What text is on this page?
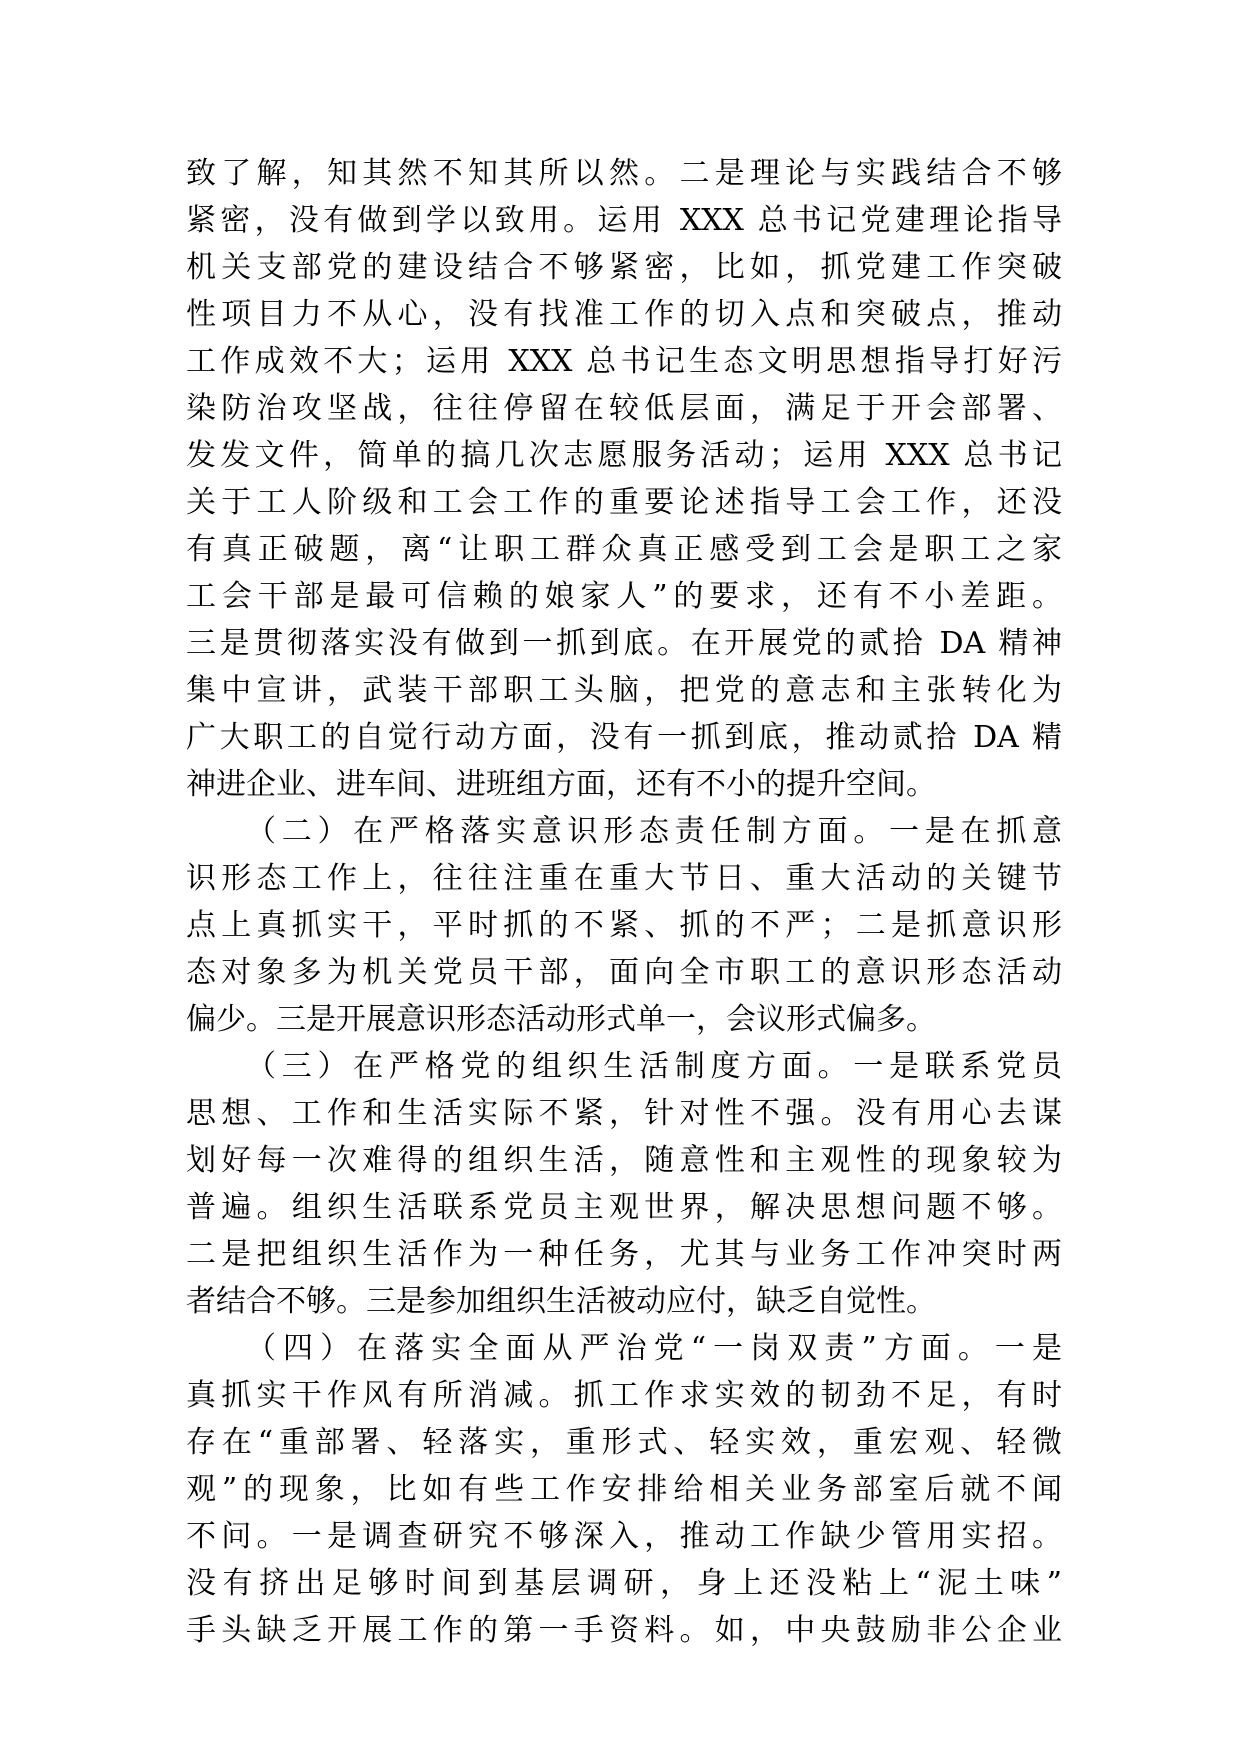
致了解，知其然不知其所以然。二是理论与实践结合不够
紧密，没有做到学以致用。运用 XXX 总书记党建理论指导
机关支部党的建设结合不够紧密，比如，抓党建工作突破
性项目力不从心，没有找准工作的切入点和突破点，推动
工作成效不大；运用 XXX 总书记生态文明思想指导打好污
染防治攻坚战，往往停留在较低层面，满足于开会部署、
发发文件，简单的搞几次志愿服务活动；运用 XXX 总书记
关于工人阶级和工会工作的重要论述指导工会工作，还没
有真正破题，离“让职工群众真正感受到工会是职工之家
工会干部是最可信赖的娘家人”的要求，还有不小差距。
三是贯彻落实没有做到一抓到底。在开展党的贰拾 DA 精神
集中宣讲，武装干部职工头脑，把党的意志和主张转化为
广大职工的自觉行动方面，没有一抓到底，推动贰拾 DA 精
神进企业、进车间、进班组方面，还有不小的提升空间。
（二）在严格落实意识形态责任制方面。一是在抓意
识形态工作上，往往注重在重大节日、重大活动的关键节
点上真抓实干，平时抓的不紧、抓的不严；二是抓意识形
态对象多为机关党员干部，面向全市职工的意识形态活动
偏少。三是开展意识形态活动形式单一，会议形式偏多。
（三）在严格党的组织生活制度方面。一是联系党员
思想、工作和生活实际不紧，针对性不强。没有用心去谋
划好每一次难得的组织生活，随意性和主观性的现象较为
普遍。组织生活联系党员主观世界，解决思想问题不够。
二是把组织生活作为一种任务，尤其与业务工作冲突时两
者结合不够。三是参加组织生活被动应付，缺乏自觉性。
（四）在落实全面从严治党“一岗双责”方面。一是
真抓实干作风有所消减。抓工作求实效的韧劲不足，有时
存在“重部署、轻落实，重形式、轻实效，重宏观、轻微
观”的现象，比如有些工作安排给相关业务部室后就不闻
不问。一是调查研究不够深入，推动工作缺少管用实招。
没有挤出足够时间到基层调研，身上还没粘上“泥土味”
手头缺乏开展工作的第一手资料。如，中央鼓励非公企业
